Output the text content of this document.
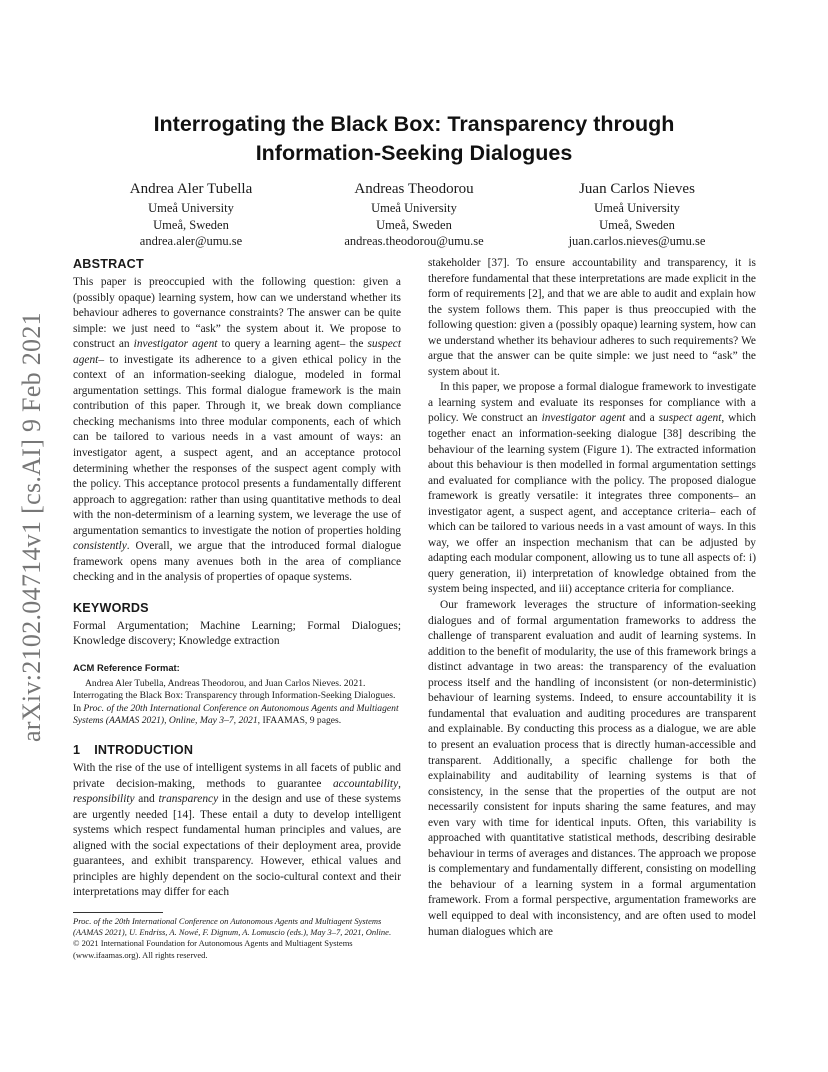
arXiv:2102.04714v1 [cs.AI] 9 Feb 2021
Interrogating the Black Box: Transparency through
Information-Seeking Dialogues
Andrea Aler Tubella
Umeå University
Umeå, Sweden
andrea.aler@umu.se
Andreas Theodorou
Umeå University
Umeå, Sweden
andreas.theodorou@umu.se
Juan Carlos Nieves
Umeå University
Umeå, Sweden
juan.carlos.nieves@umu.se
ABSTRACT

This paper is preoccupied with the following question: given a (possibly opaque) learning system, how can we understand whether its behaviour adheres to governance constraints? The answer can be quite simple: we just need to “ask” the system about it. We propose to construct an investigator agent to query a learning agent– the suspect agent– to investigate its adherence to a given ethical policy in the context of an information-seeking dialogue, modeled in formal argumentation settings. This formal dialogue framework is the main contribution of this paper. Through it, we break down compliance checking mechanisms into three modular components, each of which can be tailored to various needs in a vast amount of ways: an investigator agent, a suspect agent, and an acceptance protocol determining whether the responses of the suspect agent comply with the policy. This acceptance protocol presents a fundamentally different approach to aggregation: rather than using quantitative methods to deal with the non-determinism of a learning system, we leverage the use of argumentation semantics to investigate the notion of properties holding consistently. Overall, we argue that the introduced formal dialogue framework opens many avenues both in the area of compliance checking and in the analysis of properties of opaque systems.

KEYWORDS

Formal Argumentation; Machine Learning; Formal Dialogues; Knowledge discovery; Knowledge extraction

ACM Reference Format:

Andrea Aler Tubella, Andreas Theodorou, and Juan Carlos Nieves. 2021. Interrogating the Black Box: Transparency through Information-Seeking Dialogues. In Proc. of the 20th International Conference on Autonomous Agents and Multiagent Systems (AAMAS 2021), Online, May 3–7, 2021, IFAAMAS, 9 pages.

1 INTRODUCTION

With the rise of the use of intelligent systems in all facets of public and private decision-making, methods to guarantee accountability, responsibility and transparency in the design and use of these systems are urgently needed [14]. These entail a duty to develop intelligent systems which respect fundamental human principles and values, are aligned with the social expectations of their deployment area, provide guarantees, and exhibit transparency. However, ethical values and principles are highly dependent on the socio-cultural context and their interpretations may differ for each

Proc. of the 20th International Conference on Autonomous Agents and Multiagent Systems (AAMAS 2021), U. Endriss, A. Nowé, F. Dignum, A. Lomuscio (eds.), May 3–7, 2021, Online.
© 2021 International Foundation for Autonomous Agents and Multiagent Systems (www.ifaamas.org). All rights reserved.

stakeholder [37]. To ensure accountability and transparency, it is therefore fundamental that these interpretations are made explicit in the form of requirements [2], and that we are able to audit and explain how the system follows them. This paper is thus preoccupied with the following question: given a (possibly opaque) learning system, how can we understand whether its behaviour adheres to such requirements? We argue that the answer can be quite simple: we just need to “ask” the system about it.

In this paper, we propose a formal dialogue framework to investigate a learning system and evaluate its responses for compliance with a policy. We construct an investigator agent and a suspect agent, which together enact an information-seeking dialogue [38] describing the behaviour of the learning system (Figure 1). The extracted information about this behaviour is then modelled in formal argumentation settings and evaluated for compliance with the policy. The proposed dialogue framework is greatly versatile: it integrates three components– an investigator agent, a suspect agent, and acceptance criteria– each of which can be tailored to various needs in a vast amount of ways. In this way, we offer an inspection mechanism that can be adjusted by adapting each modular component, allowing us to tune all aspects of: i) query generation, ii) interpretation of knowledge obtained from the system being inspected, and iii) acceptance criteria for compliance.

Our framework leverages the structure of information-seeking dialogues and of formal argumentation frameworks to address the challenge of transparent evaluation and audit of learning systems. In addition to the benefit of modularity, the use of this framework brings a distinct advantage in two areas: the transparency of the evaluation process itself and the handling of inconsistent (or non-deterministic) behaviour of learning systems. Indeed, to ensure accountability it is fundamental that evaluation and auditing procedures are transparent and explainable. By conducting this process as a dialogue, we are able to present an evaluation process that is directly human-accessible and transparent. Additionally, a specific challenge for both the explainability and auditability of learning systems is that of consistency, in the sense that the properties of the output are not necessarily consistent for inputs sharing the same features, and may even vary with time for identical inputs. Often, this variability is approached with quantitative statistical methods, describing desirable behaviour in terms of averages and distances. The approach we propose is complementary and fundamentally different, consisting on modelling the behaviour of a learning system in a formal argumentation framework. From a formal perspective, argumentation frameworks are well equipped to deal with inconsistency, and are often used to model human dialogues which are
